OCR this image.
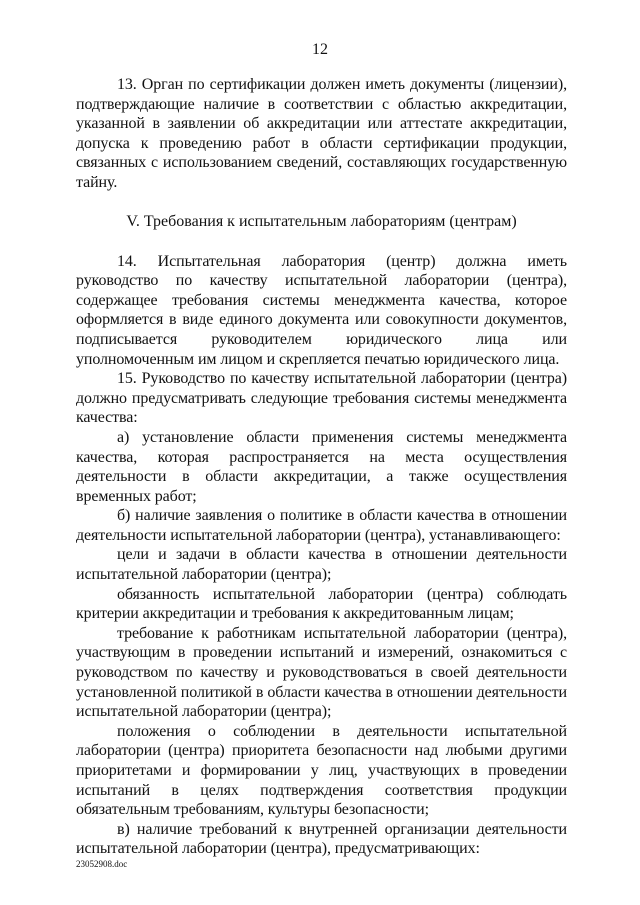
12

13. Орган по сертификации должен иметь документы (лицензии), подтверждающие наличие в соответствии с областью аккредитации, указанной в заявлении об аккредитации или аттестате аккредитации, допуска к проведению работ в области сертификации продукции, связанных с использованием сведений, составляющих государственную тайну.

V. Требования к испытательным лабораториям (центрам)

14. Испытательная лаборатория (центр) должна иметь руководство по качеству испытательной лаборатории (центра), содержащее требования системы менеджмента качества, которое оформляется в виде единого документа или совокупности документов, подписывается руководителем юридического лица или уполномоченным им лицом и скрепляется печатью юридического лица.

15. Руководство по качеству испытательной лаборатории (центра) должно предусматривать следующие требования системы менеджмента качества:

а) установление области применения системы менеджмента качества, которая распространяется на места осуществления деятельности в области аккредитации, а также осуществления временных работ;

б) наличие заявления о политике в области качества в отношении деятельности испытательной лаборатории (центра), устанавливающего:

цели и задачи в области качества в отношении деятельности испытательной лаборатории (центра);

обязанность испытательной лаборатории (центра) соблюдать критерии аккредитации и требования к аккредитованным лицам;

требование к работникам испытательной лаборатории (центра), участвующим в проведении испытаний и измерений, ознакомиться с руководством по качеству и руководствоваться в своей деятельности установленной политикой в области качества в отношении деятельности испытательной лаборатории (центра);

положения о соблюдении в деятельности испытательной лаборатории (центра) приоритета безопасности над любыми другими приоритетами и формировании у лиц, участвующих в проведении испытаний в целях подтверждения соответствия продукции обязательным требованиям, культуры безопасности;

в) наличие требований к внутренней организации деятельности испытательной лаборатории (центра), предусматривающих:

23052908.doc
